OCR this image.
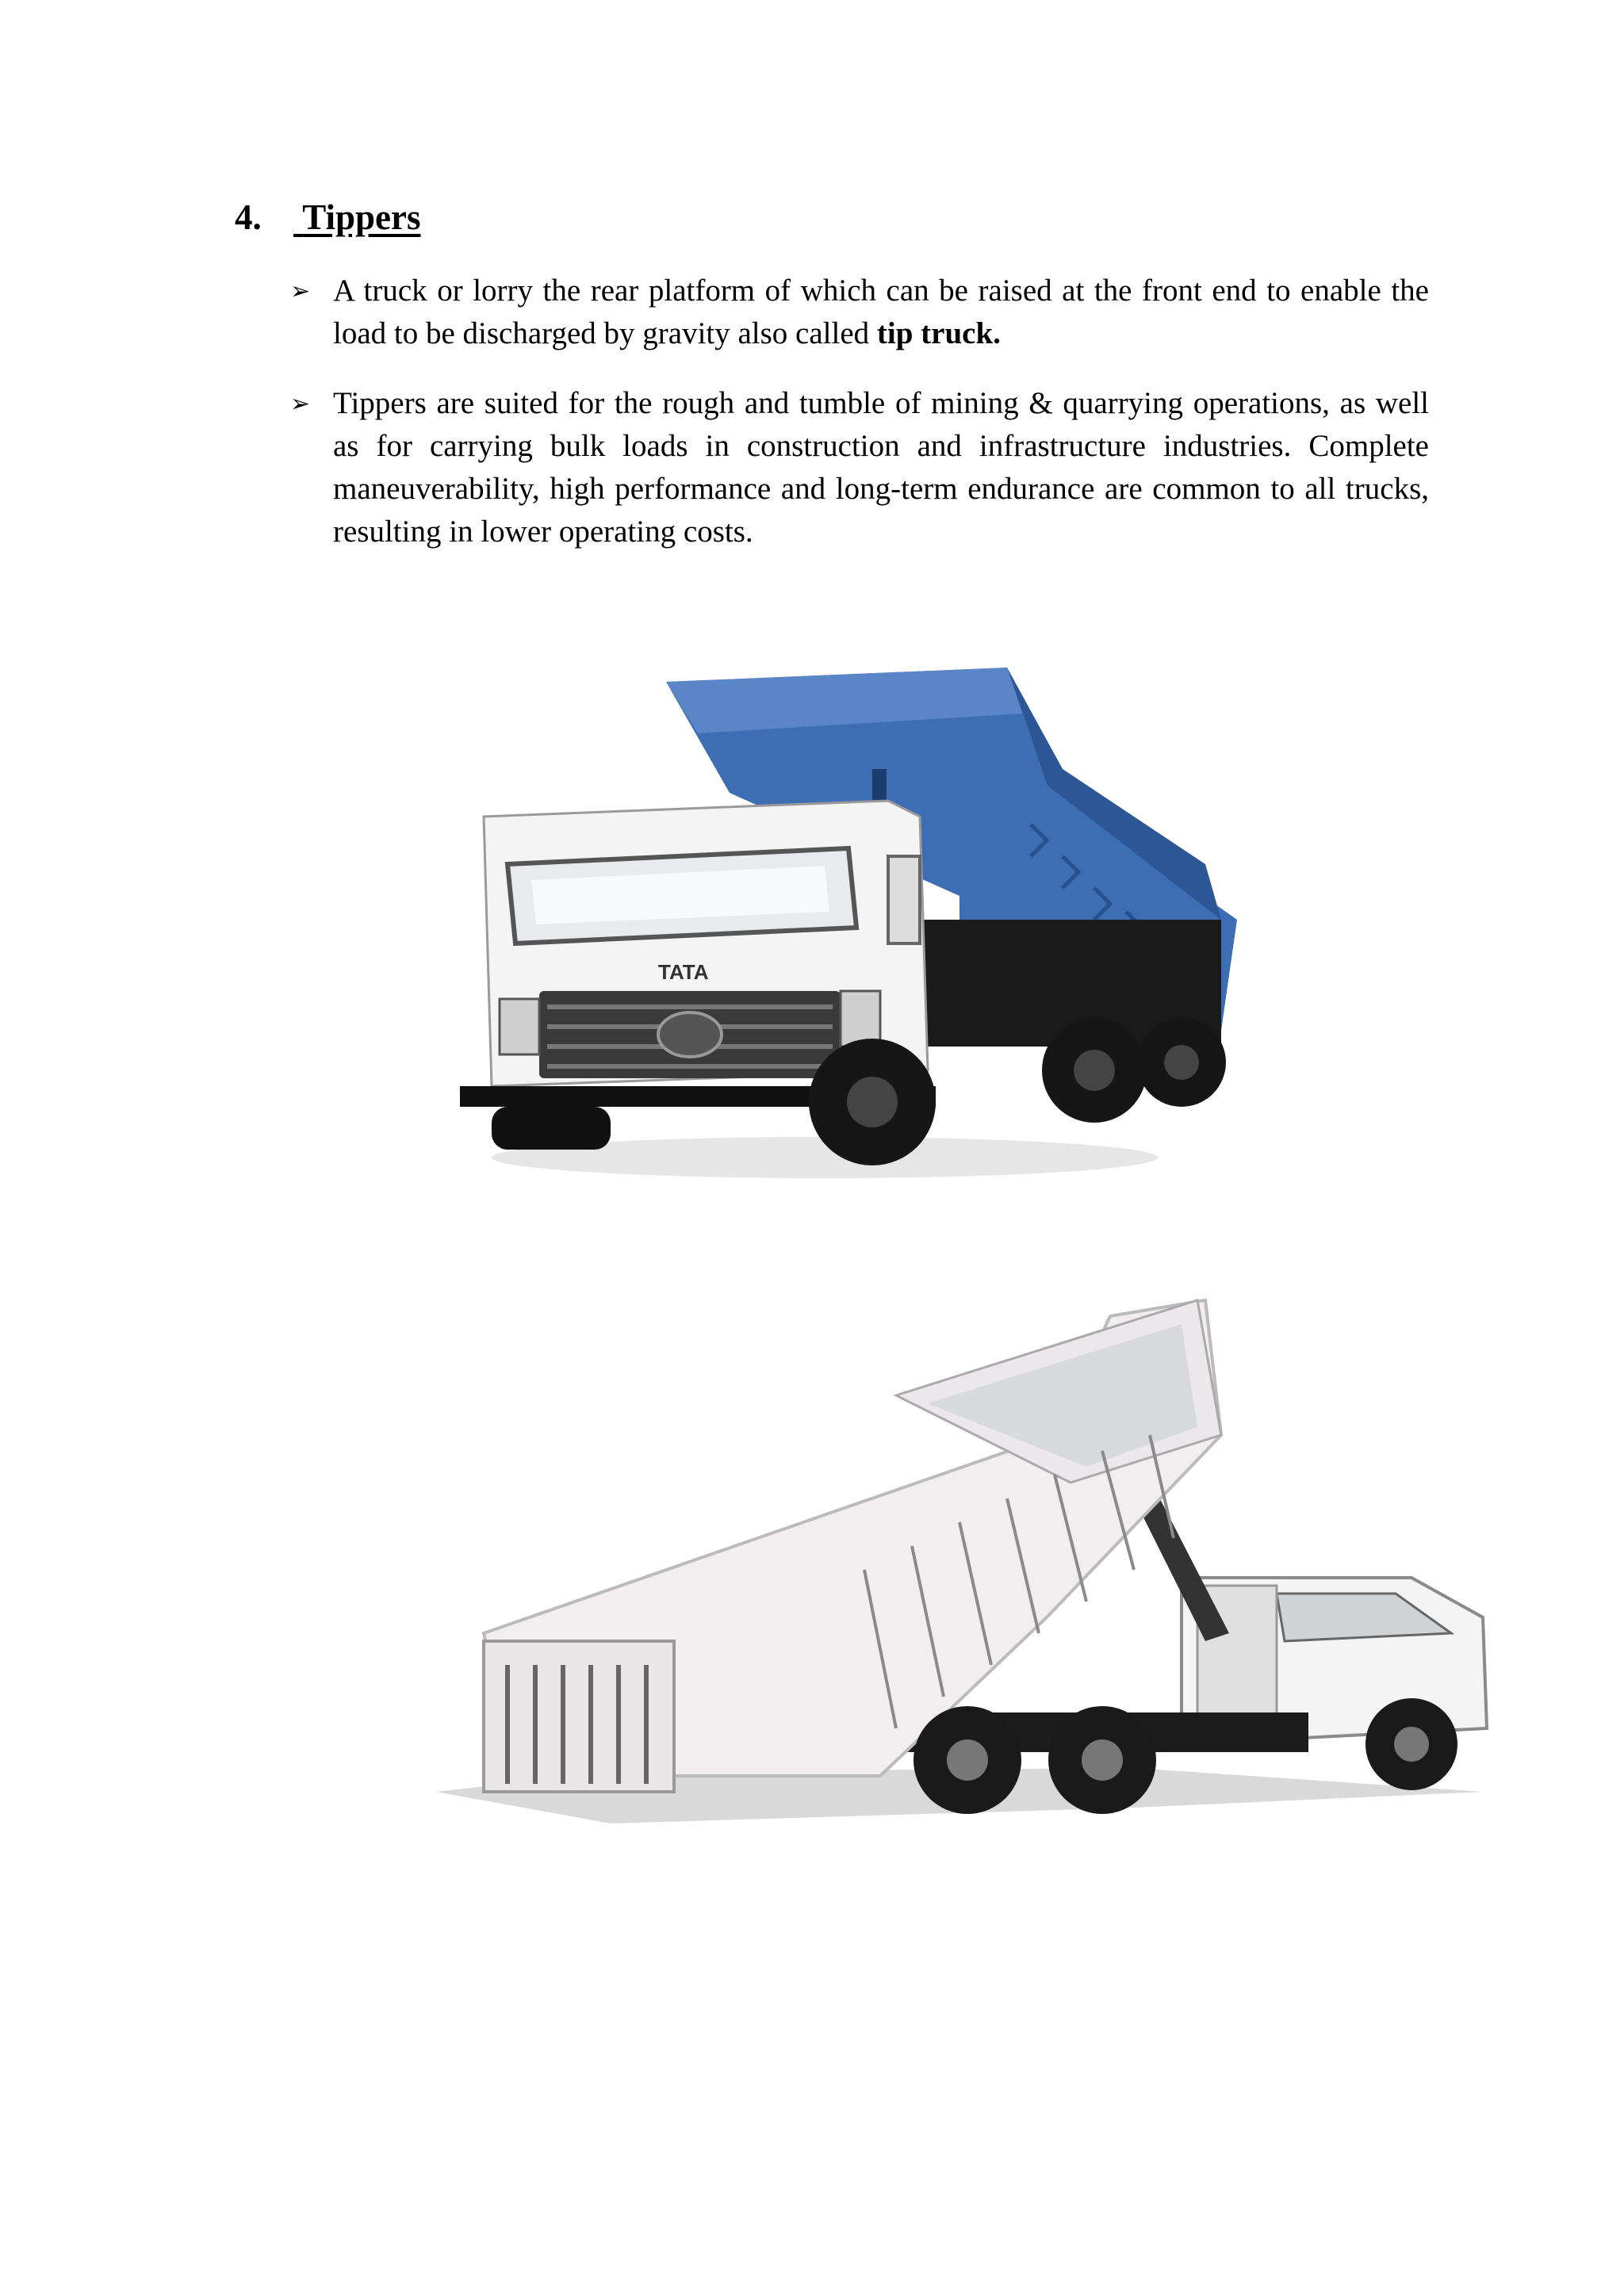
4. Tippers
➢ A truck or lorry the rear platform of which can be raised at the front end to enable the load to be discharged by gravity also called tip truck.

➢ Tippers are suited for the rough and tumble of mining & quarrying operations, as well as for carrying bulk loads in construction and infrastructure industries. Complete maneuverability, high performance and long-term endurance are common to all trucks, resulting in lower operating costs.

TATA
